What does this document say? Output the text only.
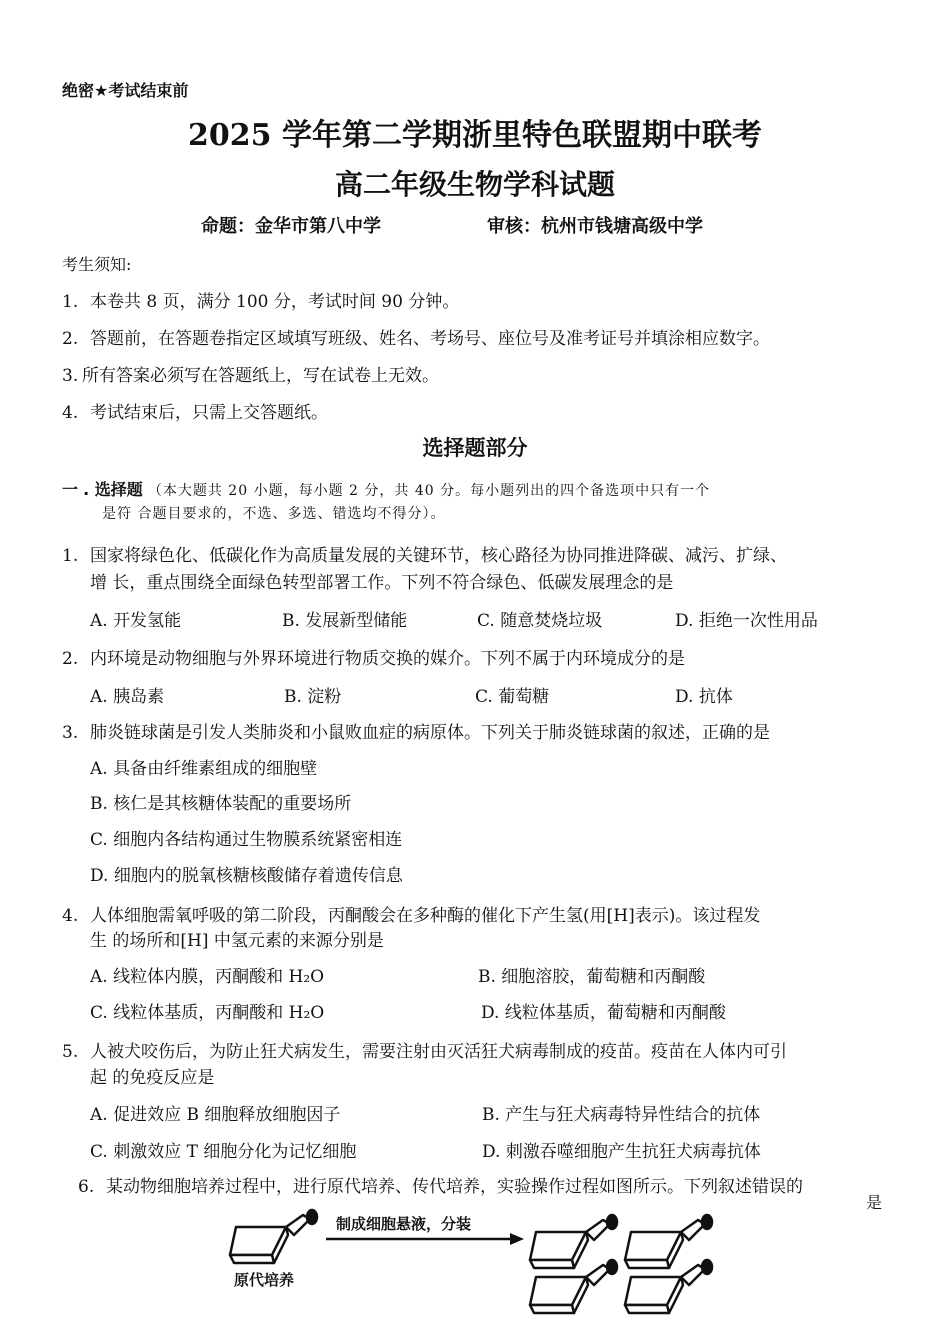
绝密★考试结束前
2025 学年第二学期浙里特色联盟期中联考
高二年级生物学科试题
命题：金华市第八中学	审核：杭州市钱塘高级中学
考生须知:
1. 本卷共 8 页，满分 100 分，考试时间 90 分钟。
2. 答题前，在答题卷指定区域填写班级、姓名、考场号、座位号及准考证号并填涂相应数字。
3. 所有答案必须写在答题纸上，写在试卷上无效。
4. 考试结束后，只需上交答题纸。
选择题部分
一 . 选择题 （本大题共 20 小题，每小题 2 分，共 40 分。每小题列出的四个备选项中只有一个
是符 合题目要求的，不选、多选、错选均不得分）。
1. 国家将绿色化、低碳化作为高质量发展的关键环节，核心路径为协同推进降碳、减污、扩绿、
增 长，重点围绕全面绿色转型部署工作。下列不符合绿色、低碳发展理念的是
A. 开发氢能	B. 发展新型储能	C. 随意焚烧垃圾	D. 拒绝一次性用品
2. 内环境是动物细胞与外界环境进行物质交换的媒介。下列不属于内环境成分的是
A. 胰岛素	B. 淀粉	C. 葡萄糖	D. 抗体
3. 肺炎链球菌是引发人类肺炎和小鼠败血症的病原体。下列关于肺炎链球菌的叙述，正确的是
A. 具备由纤维素组成的细胞壁
B. 核仁是其核糖体装配的重要场所
C. 细胞内各结构通过生物膜系统紧密相连
D. 细胞内的脱氧核糖核酸储存着遗传信息
4. 人体细胞需氧呼吸的第二阶段，丙酮酸会在多种酶的催化下产生氢(用[H]表示)。该过程发
生 的场所和[H] 中氢元素的来源分别是
A. 线粒体内膜，丙酮酸和 H₂O	B. 细胞溶胶，葡萄糖和丙酮酸
C. 线粒体基质，丙酮酸和 H₂O	D. 线粒体基质，葡萄糖和丙酮酸
5. 人被犬咬伤后，为防止狂犬病发生，需要注射由灭活狂犬病毒制成的疫苗。疫苗在人体内可引
起 的免疫反应是
A. 促进效应 B 细胞释放细胞因子	B. 产生与狂犬病毒特异性结合的抗体
C. 刺激效应 T 细胞分化为记忆细胞	D. 刺激吞噬细胞产生抗狂犬病毒抗体
6. 某动物细胞培养过程中，进行原代培养、传代培养，实验操作过程如图所示。下列叙述错误的
是
制成细胞悬液，分装
原代培养
